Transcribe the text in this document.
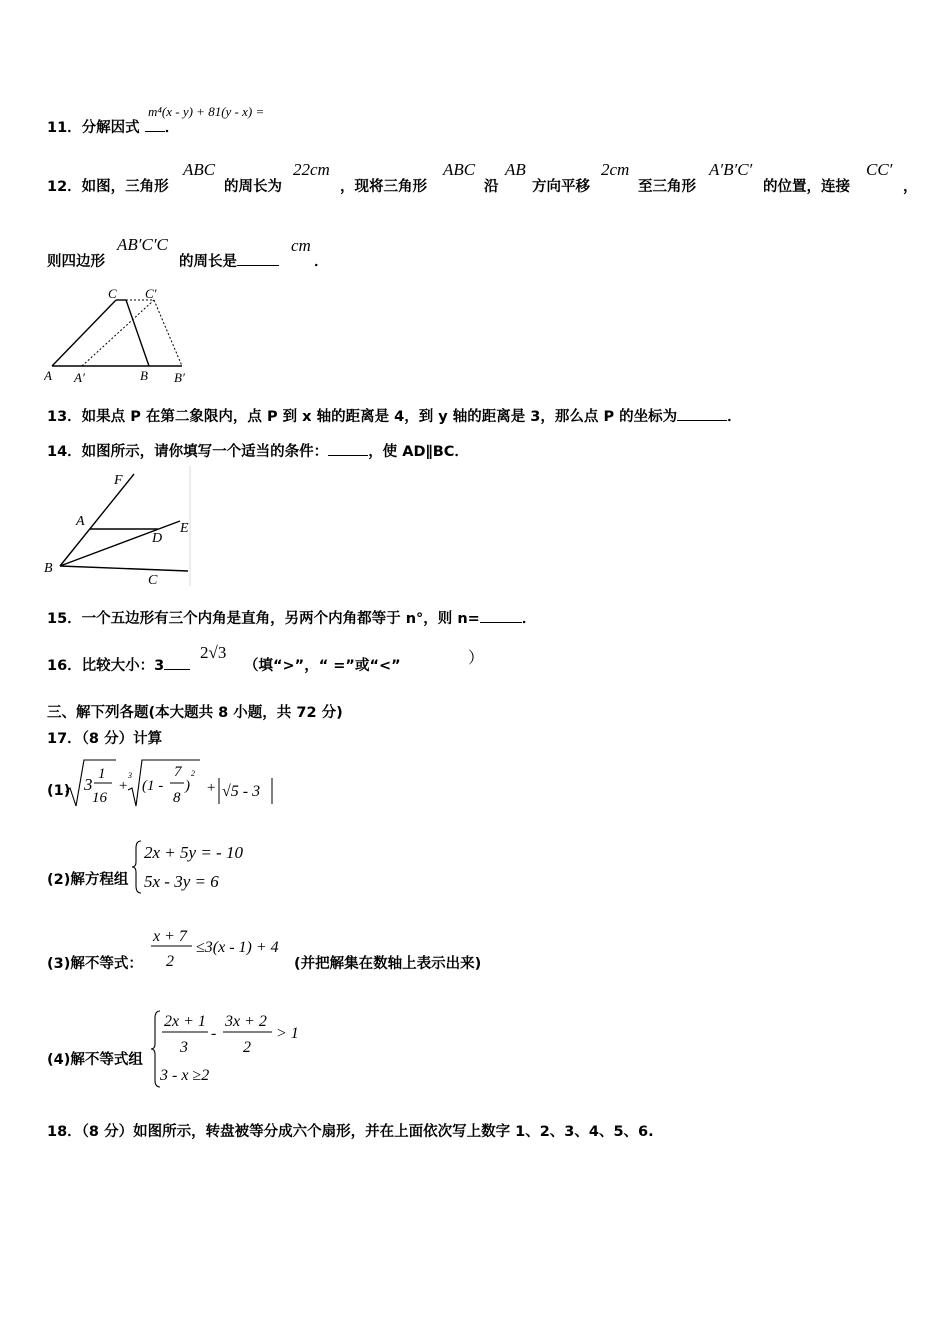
11．分解因式 ．
m⁴(x - y) + 81(y - x) =
12．如图，三角形
ABC
的周长为
22cm
，现将三角形
ABC
沿
AB
方向平移
2cm
至三角形
A′B′C′
的位置，连接
CC′
，
则四边形
AB′C′C
的周长是
cm
．
C C′
A A′	B B′
13．如果点 P 在第二象限内，点 P 到 x 轴的距离是 4，到 y 轴的距离是 3，那么点 P 的坐标为	．
14．如图所示，请你填写一个适当的条件：	，使 AD∥BC．
F
A	E
D
B
C
15．一个五边形有三个内角是直角，另两个内角都等于 n°，则 n=	．
16．比较大小：3
2√3
（填“>”，“ =”或“<”	）
三、解下列各题(本大题共 8 小题，共 72 分)
17．（8 分）计算
(1) 3
1
16
+
3
(1 -
7
8
)
2
+ √5 - 3
(2)解方程组
2x + 5y = - 10
5x - 3y = 6
(3)解不等式：
x + 7
2
≤3(x - 1) + 4
(并把解集在数轴上表示出来)
(4)解不等式组
2x + 1
3
-
3x + 2
2
> 1
3 - x ≥2
18．（8 分）如图所示，转盘被等分成六个扇形，并在上面依次写上数字 1、2、3、4、5、6.
